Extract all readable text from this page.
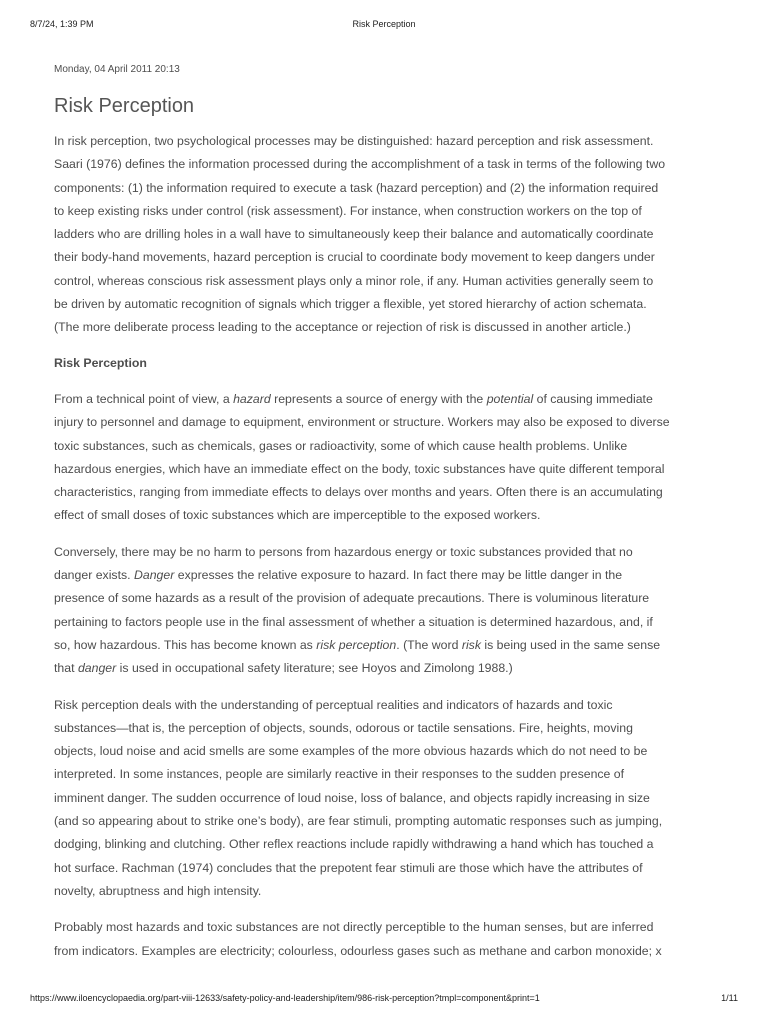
8/7/24, 1:39 PM	Risk Perception
Monday, 04 April 2011 20:13
Risk Perception

In risk perception, two psychological processes may be distinguished: hazard perception and risk assessment.
Saari (1976) defines the information processed during the accomplishment of a task in terms of the following two
components: (1) the information required to execute a task (hazard perception) and (2) the information required
to keep existing risks under control (risk assessment). For instance, when construction workers on the top of
ladders who are drilling holes in a wall have to simultaneously keep their balance and automatically coordinate
their body-hand movements, hazard perception is crucial to coordinate body movement to keep dangers under
control, whereas conscious risk assessment plays only a minor role, if any. Human activities generally seem to
be driven by automatic recognition of signals which trigger a flexible, yet stored hierarchy of action schemata.
(The more deliberate process leading to the acceptance or rejection of risk is discussed in another article.)

Risk Perception

From a technical point of view, a hazard represents a source of energy with the potential of causing immediate
injury to personnel and damage to equipment, environment or structure. Workers may also be exposed to diverse
toxic substances, such as chemicals, gases or radioactivity, some of which cause health problems. Unlike
hazardous energies, which have an immediate effect on the body, toxic substances have quite different temporal
characteristics, ranging from immediate effects to delays over months and years. Often there is an accumulating
effect of small doses of toxic substances which are imperceptible to the exposed workers.

Conversely, there may be no harm to persons from hazardous energy or toxic substances provided that no
danger exists. Danger expresses the relative exposure to hazard. In fact there may be little danger in the
presence of some hazards as a result of the provision of adequate precautions. There is voluminous literature
pertaining to factors people use in the final assessment of whether a situation is determined hazardous, and, if
so, how hazardous. This has become known as risk perception. (The word risk is being used in the same sense
that danger is used in occupational safety literature; see Hoyos and Zimolong 1988.)

Risk perception deals with the understanding of perceptual realities and indicators of hazards and toxic
substances—that is, the perception of objects, sounds, odorous or tactile sensations. Fire, heights, moving
objects, loud noise and acid smells are some examples of the more obvious hazards which do not need to be
interpreted. In some instances, people are similarly reactive in their responses to the sudden presence of
imminent danger. The sudden occurrence of loud noise, loss of balance, and objects rapidly increasing in size
(and so appearing about to strike one’s body), are fear stimuli, prompting automatic responses such as jumping,
dodging, blinking and clutching. Other reflex reactions include rapidly withdrawing a hand which has touched a
hot surface. Rachman (1974) concludes that the prepotent fear stimuli are those which have the attributes of
novelty, abruptness and high intensity.

Probably most hazards and toxic substances are not directly perceptible to the human senses, but are inferred
from indicators. Examples are electricity; colourless, odourless gases such as methane and carbon monoxide; x

https://www.iloencyclopaedia.org/part-viii-12633/safety-policy-and-leadership/item/986-risk-perception?tmpl=component&print=1	1/11
